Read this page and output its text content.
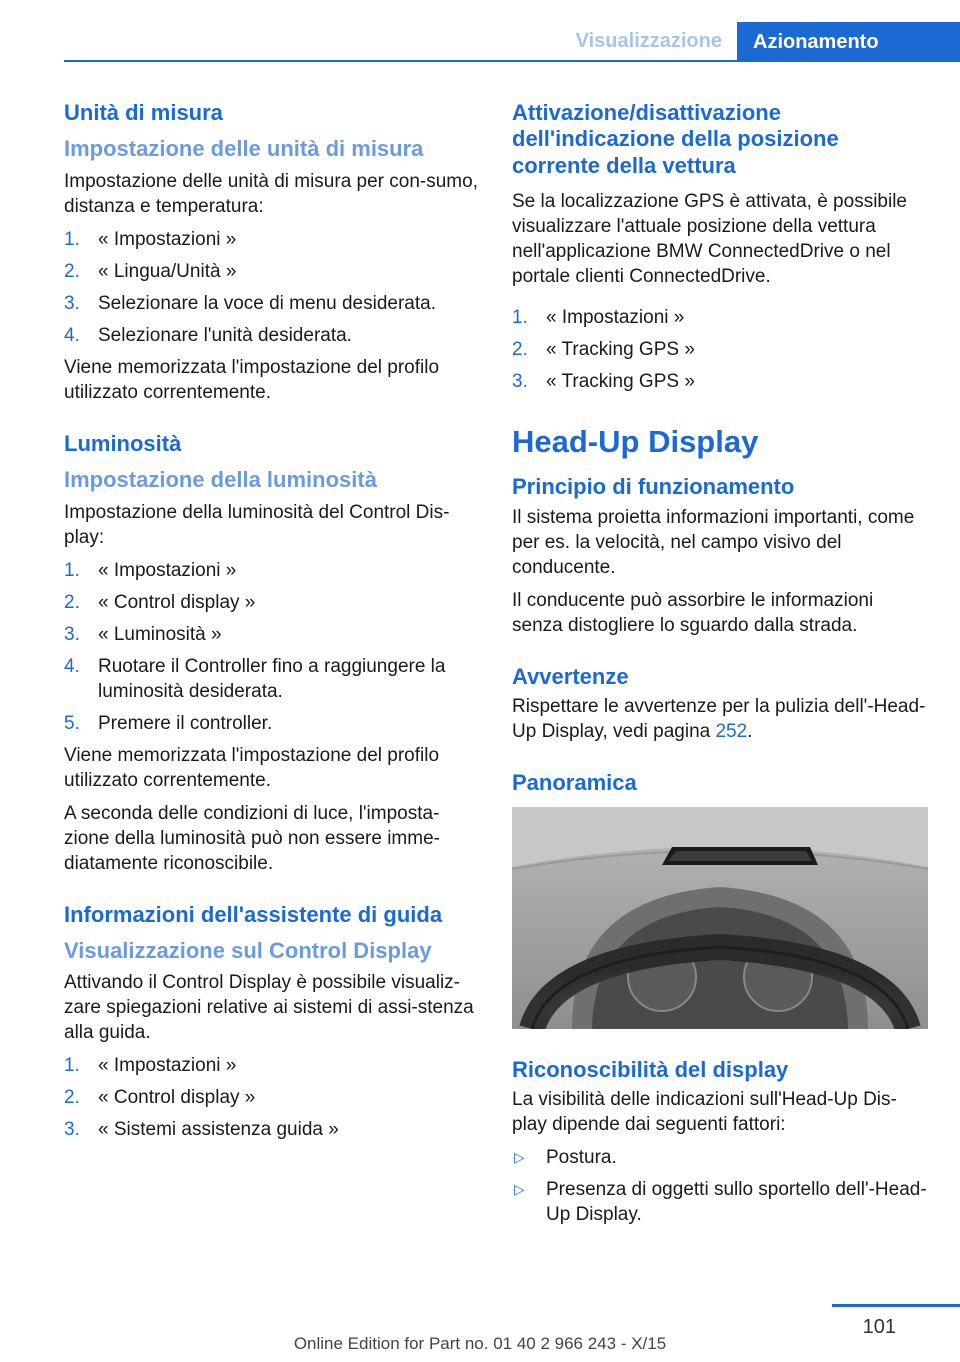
Visualizzazione	Azionamento
Unità di misura
Impostazione delle unità di misura
Impostazione delle unità di misura per con-sumo, distanza e temperatura:
1. « Impostazioni »
2. « Lingua/Unità »
3. Selezionare la voce di menu desiderata.
4. Selezionare l'unità desiderata.
Viene memorizzata l'impostazione del profilo utilizzato correntemente.
Luminosità
Impostazione della luminosità
Impostazione della luminosità del Control Dis-play:
1. « Impostazioni »
2. « Control display »
3. « Luminosità »
4. Ruotare il Controller fino a raggiungere la luminosità desiderata.
5. Premere il controller.
Viene memorizzata l'impostazione del profilo utilizzato correntemente.
A seconda delle condizioni di luce, l'imposta-zione della luminosità può non essere imme-diatamente riconoscibile.
Informazioni dell'assistente di guida
Visualizzazione sul Control Display
Attivando il Control Display è possibile visualiz-zare spiegazioni relative ai sistemi di assi-stenza alla guida.
1. « Impostazioni »
2. « Control display »
3. « Sistemi assistenza guida »
Attivazione/disattivazione dell'indicazione della posizione corrente della vettura
Se la localizzazione GPS è attivata, è possibile visualizzare l'attuale posizione della vettura nell'applicazione BMW ConnectedDrive o nel portale clienti ConnectedDrive.
1. « Impostazioni »
2. « Tracking GPS »
3. « Tracking GPS »
Head-Up Display
Principio di funzionamento
Il sistema proietta informazioni importanti, come per es. la velocità, nel campo visivo del conducente.
Il conducente può assorbire le informazioni senza distogliere lo sguardo dalla strada.
Avvertenze
Rispettare le avvertenze per la pulizia dell'-Head-Up Display, vedi pagina 252.
Panoramica
Riconoscibilità del display
La visibilità delle indicazioni sull'Head-Up Dis-play dipende dai seguenti fattori:
▷ Postura.
▷ Presenza di oggetti sullo sportello dell'-Head-Up Display.
101
Online Edition for Part no. 01 40 2 966 243 - X/15
